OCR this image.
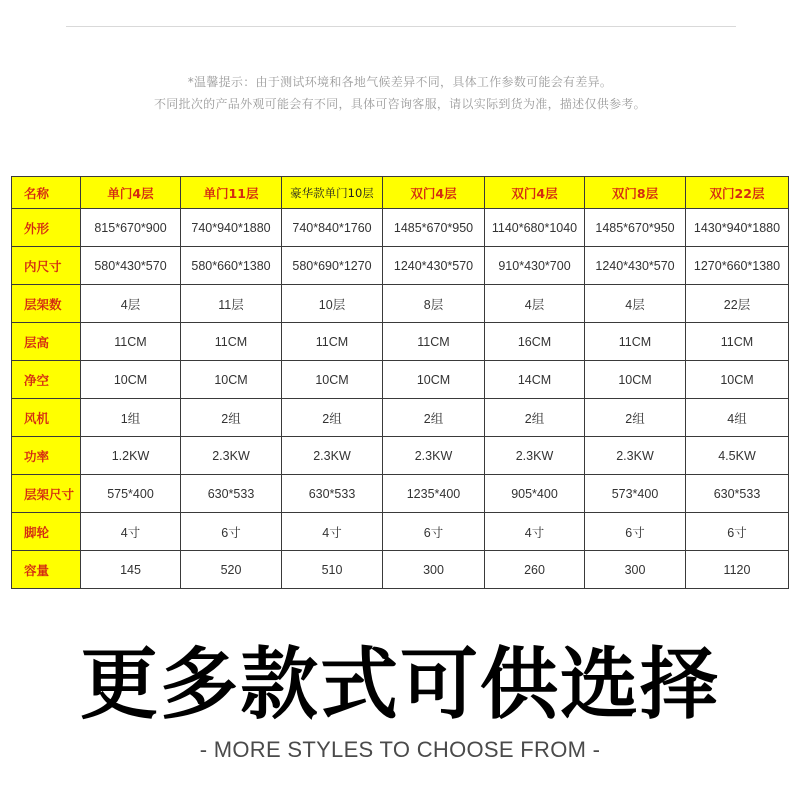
*温馨提示：由于测试环境和各地气候差异不同，具体工作参数可能会有差异。
不同批次的产品外观可能会有不同，具体可咨询客服，请以实际到货为准，描述仅供参考。
名称	单门4层	单门11层	豪华款单门10层	双门4层	双门4层	双门8层	双门22层
外形	815*670*900	740*940*1880	740*840*1760	1485*670*950	1140*680*1040	1485*670*950	1430*940*1880
内尺寸	580*430*570	580*660*1380	580*690*1270	1240*430*570	910*430*700	1240*430*570	1270*660*1380
层架数	4层	11层	10层	8层	4层	4层	22层
层高	11CM	11CM	11CM	11CM	16CM	11CM	11CM
净空	10CM	10CM	10CM	10CM	14CM	10CM	10CM
风机	1组	2组	2组	2组	2组	2组	4组
功率	1.2KW	2.3KW	2.3KW	2.3KW	2.3KW	2.3KW	4.5KW
层架尺寸	575*400	630*533	630*533	1235*400	905*400	573*400	630*533
脚轮	4寸	6寸	4寸	6寸	4寸	6寸	6寸
容量	145	520	510	300	260	300	1120
更多款式可供选择
- MORE STYLES TO CHOOSE FROM -
